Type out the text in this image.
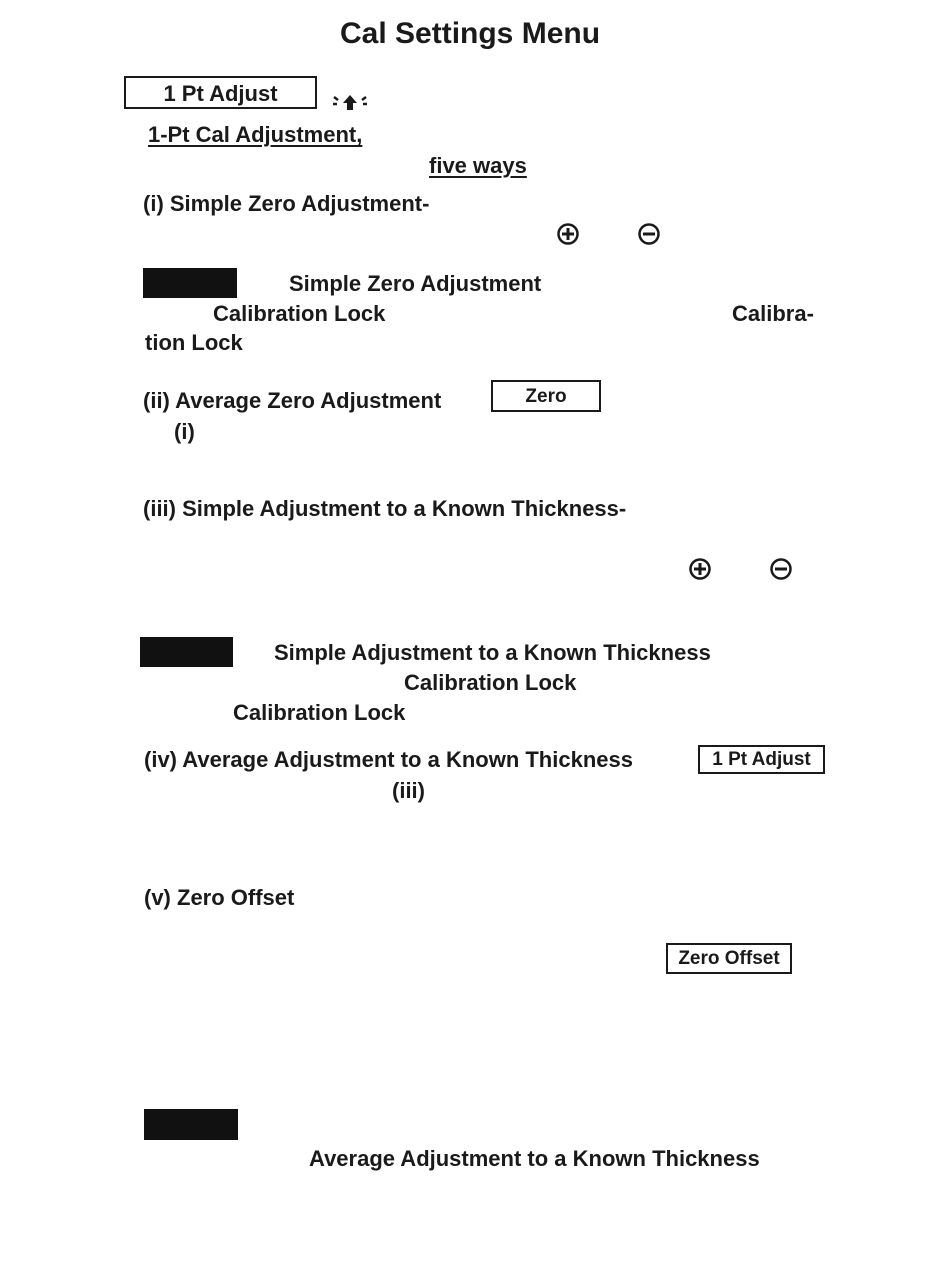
Cal Settings Menu
1 Pt Adjust
1-Pt Cal Adjustment,
five ways
(i) Simple Zero Adjustment-
Simple Zero Adjustment
Calibration Lock	Calibra-
tion Lock
(ii) Average Zero Adjustment	Zero
(i)
(iii) Simple Adjustment to a Known Thickness-
Simple Adjustment to a Known Thickness
Calibration Lock
Calibration Lock
(iv) Average Adjustment to a Known Thickness	1 Pt Adjust
(iii)
(v) Zero Offset
Zero Offset
Average Adjustment to a Known Thickness
